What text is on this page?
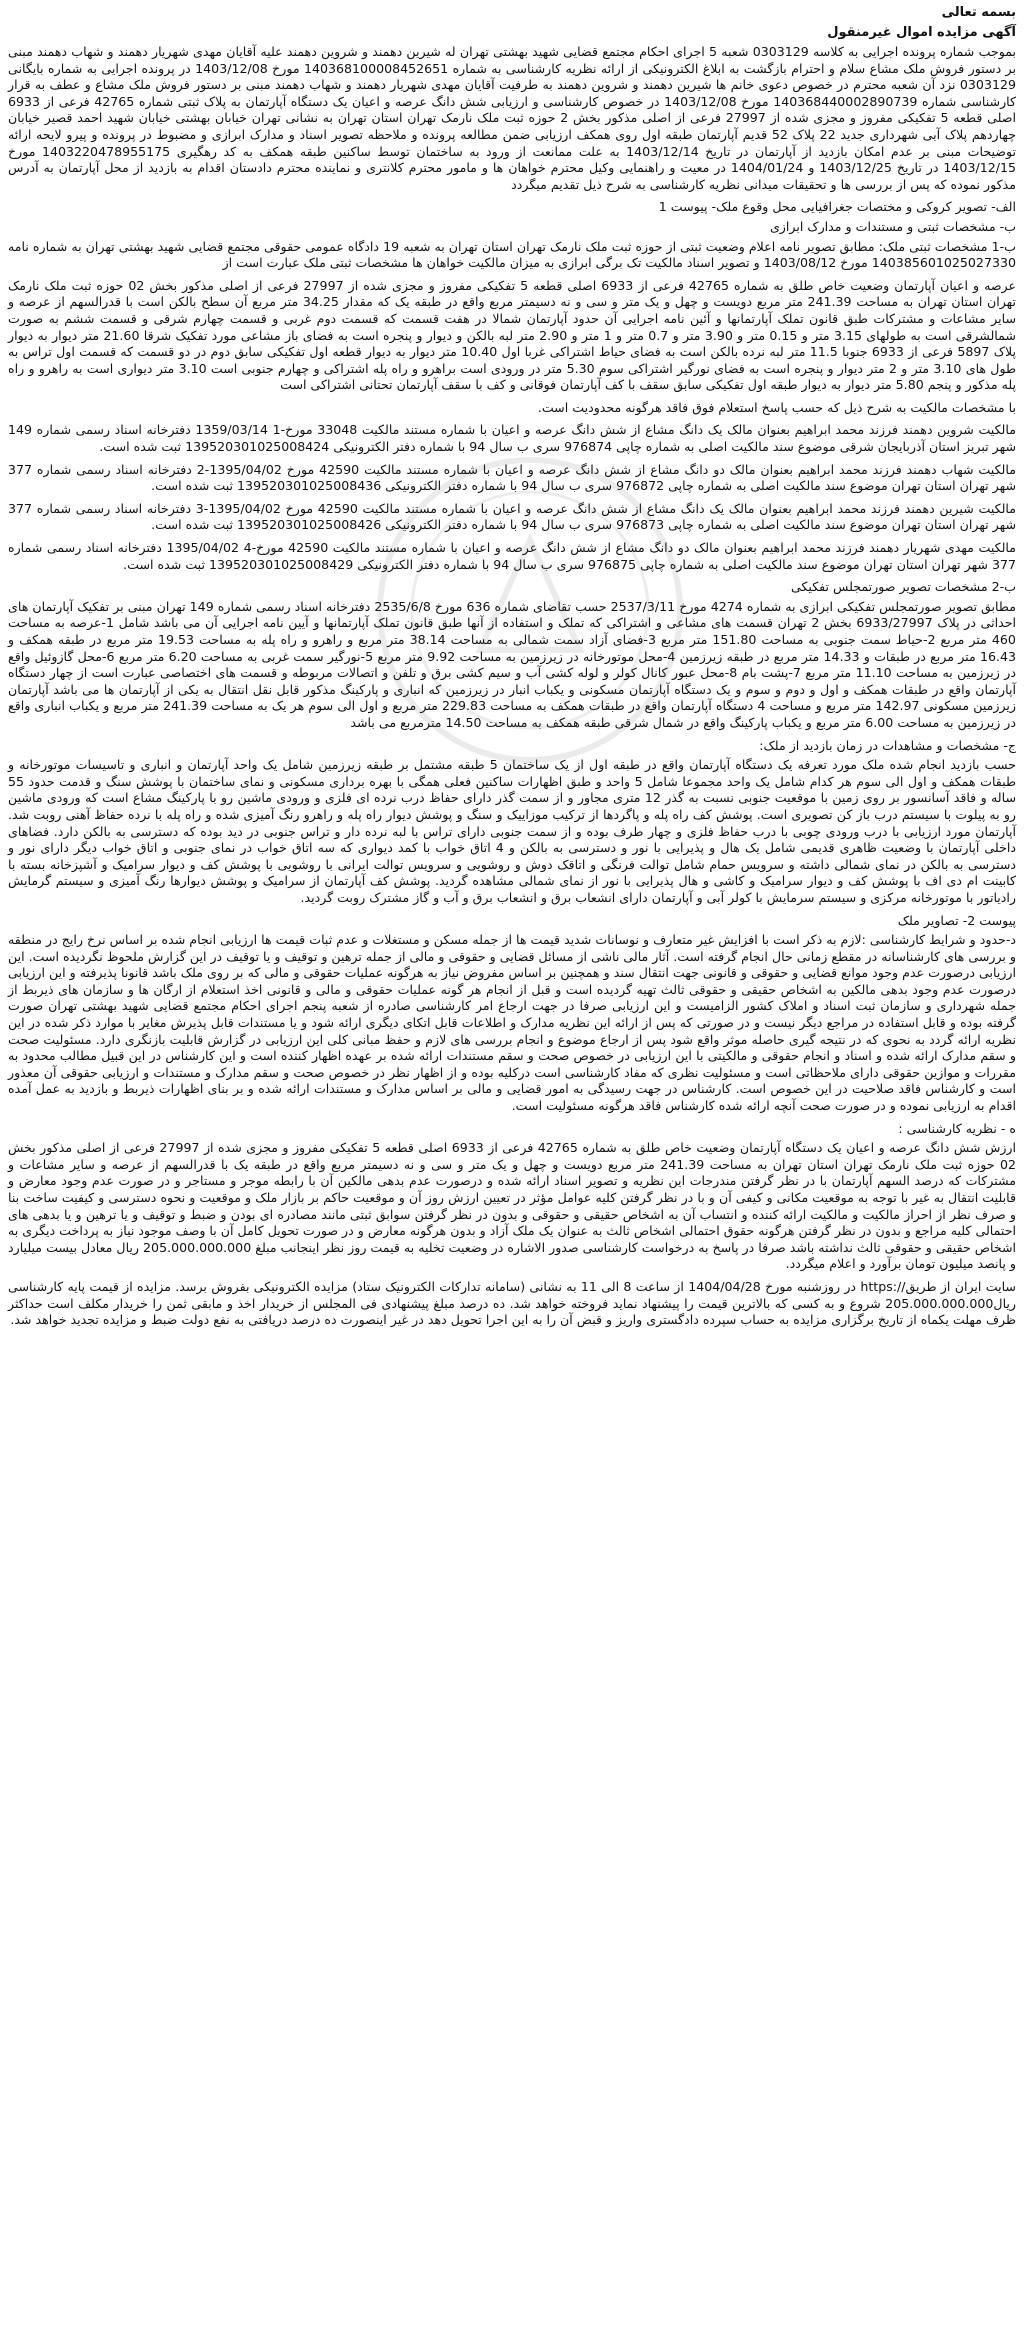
بسمه تعالی
آگهی مزایده اموال غیرمنقول

بموجب شماره پرونده اجرایی به کلاسه 0303129 شعبه 5 اجرای احکام مجتمع قضایی شهید بهشتی تهران له شیرین دهمند و شروین دهمند علیه آقایان مهدی شهریار دهمند و شهاب دهمند مبنی بر دستور فروش ملک مشاع سلام و احترام بازگشت به ابلاغ الکترونیکی از ارائه نظریه کارشناسی به شماره 140368100008452651 مورخ 1403/12/08 در پرونده اجرایی به شماره بایگانی 0303129 نزد آن شعبه محترم در خصوص دعوی خانم ها شیرین دهمند و شروین دهمند به طرفیت آقایان مهدی شهریار دهمند و شهاب دهمند مبنی بر دستور فروش ملک مشاع و عطف به قرار کارشناسی شماره 140368440002890739 مورخ 1403/12/08 در خصوص کارشناسی و ارزیابی شش دانگ عرصه و اعیان یک دستگاه آپارتمان به پلاک ثبتی شماره 42765 فرعی از 6933 اصلی قطعه 5 تفکیکی مفروز و مجزی شده از 27997 فرعی از اصلی مذکور بخش 2 حوزه ثبت ملک نارمک تهران استان تهران به نشانی تهران خیابان بهشتی خیابان شهید احمد قصیر خیابان چهاردهم پلاک آبی شهرداری جدید 22 پلاک 52 قدیم آپارتمان طبقه اول روی همکف ارزیابی ضمن مطالعه پرونده و ملاحظه تصویر اسناد و مدارک ابرازی و مضبوط در پرونده و پیرو لایحه ارائه توضیحات مبنی بر عدم امکان بازدید از آپارتمان در تاریخ 1403/12/14 به علت ممانعت از ورود به ساختمان توسط ساکنین طبقه همکف به کد رهگیری 140322047895517‌5 مورخ 1403/12/15 در تاریخ 1403/12/25 و 1404/01/24 در معیت و راهنمایی وکیل محترم خواهان ها و مامور محترم کلانتری و نماینده محترم دادستان اقدام به بازدید از محل آپارتمان به آدرس مذکور نموده که پس از بررسی ها و تحقیقات میدانی نظریه کارشناسی به شرح ذیل تقدیم میگردد

الف- تصویر کروکی و مختصات جغرافیایی محل وقوع ملک- پیوست 1
ب- مشخصات ثبتی و مستندات و مدارک ابرازی

ب-1 مشخصات ثبتی ملک: مطابق تصویر نامه اعلام وضعیت ثبتی از حوزه ثبت ملک نارمک تهران استان تهران به شعبه 19 دادگاه عمومی حقوقی مجتمع قضایی شهید بهشتی تهران به شماره نامه 140385601025027330 مورخ 1403/08/12 و تصویر اسناد مالکیت تک برگی ابرازی به میزان مالکیت خواهان ها مشخصات ثبتی ملک عبارت است از

عرصه و اعیان آپارتمان وضعیت خاص طلق به شماره 42765 فرعی از 6933 اصلی قطعه 5 تفکیکی مفروز و مجزی شده از 27997 فرعی از اصلی مذکور بخش 02 حوزه ثبت ملک نارمک تهران استان تهران به مساحت 241.39 متر مربع دویست و چهل و یک متر و سی و نه دسیمتر مربع واقع در طبقه یک که مقدار 34.25 متر مربع آن سطح بالکن است با قدرالسهم از عرصه و سایر مشاعات و مشترکات طبق قانون تملک آپارتمانها و آئین نامه اجرایی آن حدود آپارتمان شمالا در هفت قسمت که قسمت دوم غربی و قسمت چهارم شرقی و قسمت ششم به صورت شمالشرقی است به طولهای 3.15 متر و 0.15 متر و 3.90 متر و 0.7 متر و 1 متر و 2.90 متر لبه بالکن و دیوار و پنجره است به فضای باز مشاعی مورد تفکیک شرقا 21.60 متر دیوار به دیوار پلاک 5897 فرعی از 6933 جنوبا 11.5 متر لبه نرده بالکن است به فضای حیاط اشتراکی غربا اول 10.40 متر دیوار به دیوار قطعه اول تفکیکی سابق دوم در دو قسمت که قسمت اول تراس به طول های 3.10 متر و 2 متر دیوار و پنجره است به فضای نورگیر اشتراکی سوم 5.30 متر در ورودی است براهرو و راه پله اشتراکی و چهارم جنوبی است 3.10 متر دیواری است به راهرو و راه پله مذکور و پنجم 5.80 متر دیوار به دیوار طبقه اول تفکیکی سابق سقف با کف آپارتمان فوقانی و کف با سقف آپارتمان تحتانی اشتراکی است

با مشخصات مالکیت به شرح ذیل که حسب پاسخ استعلام فوق فاقد هرگونه محدودیت است.

مالکیت شروین دهمند فرزند محمد ابراهیم بعنوان مالک یک دانگ مشاع از شش دانگ عرصه و اعیان با شماره مستند مالکیت 33048 مورخ-1 1359/03/14 دفترخانه اسناد رسمی شماره 149 شهر تبریز استان آذربایجان شرقی موضوع سند مالکیت اصلی به شماره چاپی 976874 سری ب سال 94 با شماره دفتر الکترونیکی 139520301025008424 ثبت شده است.

مالکیت شهاب دهمند فرزند محمد ابراهیم بعنوان مالک دو دانگ مشاع از شش دانگ عرصه و اعیان با شماره مستند مالکیت 42590 مورخ 1395/04/02-2 دفترخانه اسناد رسمی شماره 377 شهر تهران استان تهران موضوع سند مالکیت اصلی به شماره چاپی 976872 سری ب سال 94 با شماره دفتر الکترونیکی 139520301025008436 ثبت شده است.

مالکیت شیرین دهمند فرزند محمد ابراهیم بعنوان مالک یک دانگ مشاع از شش دانگ عرصه و اعیان با شماره مستند مالکیت 42590 مورخ 1395/04/02-3 دفترخانه اسناد رسمی شماره 377 شهر تهران استان تهران موضوع سند مالکیت اصلی به شماره چاپی 976873 سری ب سال 94 با شماره دفتر الکترونیکی 139520301025008426 ثبت شده است.

مالکیت مهدی شهریار دهمند فرزند محمد ابراهیم بعنوان مالک دو دانگ مشاع از شش دانگ عرصه و اعیان با شماره مستند مالکیت 42590 مورخ-4 1395/04/02 دفترخانه اسناد رسمی شماره 377 شهر تهران استان تهران موضوع سند مالکیت اصلی به شماره چاپی 976875 سری ب سال 94 با شماره دفتر الکترونیکی 139520301025008429 ثبت شده است.

ب-2 مشخصات تصویر صورتمجلس تفکیکی

مطابق تصویر صورتمجلس تفکیکی ابرازی به شماره 4274 مورخ 2537/3/11 حسب تقاضای شماره 636 مورخ 2535/6/8 دفترخانه اسناد رسمی شماره 149 تهران مبنی بر تفکیک آپارتمان های احداثی در پلاک 6933/27997 بخش 2 تهران قسمت های مشاعی و اشتراکی که تملک و استفاده از آنها طبق قانون تملک آپارتمانها و آیین نامه اجرایی آن می باشد شامل 1-عرصه به مساحت 460 متر مربع 2-حیاط سمت جنوبی به مساحت 151.80 متر مربع 3-فضای آزاد سمت شمالی به مساحت 38.14 متر مربع و راهرو و راه پله به مساحت 19.53 متر مربع در طبقه همکف و 16.43 متر مربع در طبقات و 14.33 متر مربع در طبقه زیرزمین 4-محل موتورخانه در زیرزمین به مساحت 9.92 متر مربع 5-نورگیر سمت غربی به مساحت 6.20 متر مربع 6-محل گازوئیل واقع در زیرزمین به مساحت 11.10 متر مربع 7-پشت بام 8-محل عبور کانال کولر و لوله کشی آب و سیم کشی برق و تلفن و اتصالات مربوطه و قسمت های اختصاصی عبارت است از چهار دستگاه آپارتمان واقع در طبقات همکف و اول و دوم و سوم و یک دستگاه آپارتمان مسکونی و یکباب انبار در زیرزمین که انباری و پارکینگ مذکور قابل نقل انتقال به یکی از آپارتمان ها می باشد آپارتمان زیرزمین مسکونی 142.97 متر مربع و مساحت 4 دستگاه آپارتمان واقع در طبقات همکف به مساحت 229.83 متر مربع و اول الی سوم هر یک به مساحت 241.39 متر مربع و یکباب انباری واقع در زیرزمین به مساحت 6.00 متر مربع و یکباب پارکینگ واقع در شمال شرقی طبقه همکف به مساحت 14.50 مترمربع می باشد

ج- مشخصات و مشاهدات در زمان بازدید از ملک:

حسب بازدید انجام شده ملک مورد تعرفه یک دستگاه آپارتمان واقع در طبقه اول از یک ساختمان 5 طبقه مشتمل بر طبقه زیرزمین شامل یک واحد آپارتمان و انباری و تاسیسات موتورخانه و طبقات همکف و اول الی سوم هر کدام شامل یک واحد مجموعا شامل 5 واحد و طبق اظهارات ساکنین فعلی همگی با بهره برداری مسکونی و نمای ساختمان با پوشش سنگ و قدمت حدود 55 ساله و فاقد آسانسور بر روی زمین با موقعیت جنوبی نسبت به گذر 12 متری مجاور و از سمت گذر دارای حفاظ درب نرده ای فلزی و ورودی ماشین رو با پارکینگ مشاع است که ورودی ماشین رو به پیلوت با سیستم درب باز کن تصویری است. پوشش کف راه پله و پاگردها از ترکیب موزاییک و سنگ و پوشش دیوار راه پله و راهرو رنگ آمیزی شده و راه پله با نرده حفاظ آهنی روبت شد. آپارتمان مورد ارزیابی با درب ورودی چوبی با درب حفاظ فلزی و چهار طرف بوده و از سمت جنوبی دارای تراس با لبه نرده دار و تراس جنوبی در دید بوده که دسترسی به بالکن دارد. فضاهای داخلی آپارتمان با وضعیت ظاهری قدیمی شامل یک هال و پذیرایی با نور و دسترسی به بالکن و 4 اتاق خواب با کمد دیواری که سه اتاق خواب در نمای جنوبی و اتاق خواب دیگر دارای نور و دسترسی به بالکن در نمای شمالی داشته و سرویس حمام شامل توالت فرنگی و اتاقک دوش و روشویی و سرویس توالت ایرانی با روشویی با پوشش کف و دیوار سرامیک و آشپزخانه بسته با کابینت ام دی اف با پوشش کف و دیوار سرامیک و کاشی و هال پذیرایی با نور از نمای شمالی مشاهده گردید. پوشش کف آپارتمان از سرامیک و پوشش دیوارها رنگ آمیزی و سیستم گرمایش رادیاتور با موتورخانه مرکزی و سیستم سرمایش با کولر آبی و آپارتمان دارای انشعاب برق و انشعاب برق و آب و گاز مشترک روبت گردید.

پیوست 2- تصاویر ملک

د-حدود و شرایط کارشناسی :لازم به ذکر است با افزایش غیر متعارف و نوسانات شدید قیمت ها از جمله مسکن و مستغلات و عدم ثبات قیمت ها ارزیابی انجام شده بر اساس نرخ رایج در منطقه و بررسی های کارشناسانه در مقطع زمانی حال انجام گرفته است. آثار مالی ناشی از مسائل قضایی و حقوقی و مالی از جمله ترهین و توقیف و یا توقیف در این گزارش ملحوظ نگردیده است. این ارزیابی درصورت عدم وجود موانع قضایی و حقوقی و قانونی جهت انتقال سند و همچنین بر اساس مفروض نیاز به هرگونه عملیات حقوقی و مالی که بر روی ملک باشد قانونا پذیرفته و این ارزیابی درصورت عدم وجود بدهی مالکین به اشخاص حقیقی و حقوقی ثالث تهیه گردیده است و قبل از انجام هر گونه عملیات حقوقی و مالی و قانونی اخذ استعلام از ارگان ها و سازمان های ذیربط از جمله شهرداری و سازمان ثبت اسناد و املاک کشور الزامیست و این ارزیابی صرفا در جهت ارجاع امر کارشناسی صادره از شعبه پنجم اجرای احکام مجتمع قضایی شهید بهشتی تهران صورت گرفته بوده و قابل استفاده در مراجع دیگر نیست و در صورتی که پس از ارائه این نظریه مدارک و اطلاعات قابل اتکای دیگری ارائه شود و یا مستندات قابل پذیرش مغایر با موارد ذکر شده در این نظریه ارائه گردد به نحوی که در نتیجه گیری حاصله موثر واقع شود پس از ارجاع موضوع و انجام بررسی های لازم و حفظ مبانی کلی این ارزیابی در گزارش قابلیت بازنگری دارد. مسئولیت صحت و سقم مدارک ارائه شده و اسناد و انجام حقوقی و مالکیتی با این ارزیابی در خصوص صحت و سقم مستندات ارائه شده بر عهده اظهار کننده است و این کارشناس در این قبیل مطالب محدود به مقررات و موازین حقوقی دارای ملاحظاتی است و مسئولیت نظری که مفاد کارشناسی است درکلیه بوده و از اظهار نظر در خصوص صحت و سقم مدارک و مستندات و ارزیابی حقوقی آن معذور است و کارشناس فاقد صلاحیت در این خصوص است. کارشناس در جهت رسیدگی به امور قضایی و مالی بر اساس مدارک و مستندات ارائه شده و بر بنای اظهارات ذیربط و بازدید به عمل آمده اقدام به ارزیابی نموده و در صورت صحت آنچه ارائه شده کارشناس فاقد هرگونه مسئولیت است.

ه - نظریه کارشناسی :

ارزش شش دانگ عرصه و اعیان یک دستگاه آپارتمان وضعیت خاص طلق به شماره 42765 فرعی از 6933 اصلی قطعه 5 تفکیکی مفروز و مجزی شده از 27997 فرعی از اصلی مذکور بخش 02 حوزه ثبت ملک نارمک تهران استان تهران به مساحت 241.39 متر مربع دویست و چهل و یک متر و سی و نه دسیمتر مربع واقع در طبقه یک با قدرالسهم از عرصه و سایر مشاعات و مشترکات که درصد السهم آپارتمان با در نظر گرفتن مندرجات این نظریه و تصویر اسناد ارائه شده و درصورت عدم بدهی مالکین آن با رابطه موجر و مستاجر و در صورت عدم وجود معارض و قابلیت انتقال به غیر با توجه به موقعیت مکانی و کیفی آن و با در نظر گرفتن کلیه عوامل مؤثر در تعیین ارزش روز آن و موقعیت حاکم بر بازار ملک و موقعیت و نحوه دسترسی و کیفیت ساخت بنا و صرف نظر از احراز مالکیت و مالکیت ارائه کننده و انتساب آن به اشخاص حقیقی و حقوقی و بدون در نظر گرفتن سوابق ثبتی مانند مصادره ای بودن و ضبط و توقیف و یا ترهین و یا بدهی های احتمالی کلیه مراجع و بدون در نظر گرفتن هرگونه حقوق احتمالی اشخاص ثالث به عنوان یک ملک آزاد و بدون هرگونه معارض و در صورت تحویل کامل آن با وصف موجود نیاز به پرداخت دیگری به اشخاص حقیقی و حقوقی ثالث نداشته باشد صرفا در پاسخ به درخواست کارشناسی صدور الاشاره در وضعیت تخلیه به قیمت روز نظر اینجانب مبلغ 205.000.000.000 ریال معادل بیست میلیارد و پانصد میلیون تومان برآورد و اعلام میگردد.

سایت ایران از طریق//:https در روزشنبه مورخ 1404/04/28 از ساعت 8 الی 11 به نشانی (سامانه تدارکات الکترونیک ستاد) مزایده الکترونیکی بفروش برسد. مزایده از قیمت پایه کارشناسی ریال205.000.000.000 شروع و به کسی که بالاترین قیمت را پیشنهاد نماید فروخته خواهد شد. ده درصد مبلغ پیشنهادی فی المجلس از خریدار اخذ و مابقی ثمن را خریدار مکلف است حداکثر ظرف مهلت یکماه از تاریخ برگزاری مزایده به حساب سپرده دادگستری واریز و قبض آن را به این اجرا تحویل دهد در غیر اینصورت ده درصد دریافتی به نفع دولت ضبط و مزایده تجدید خواهد شد.
